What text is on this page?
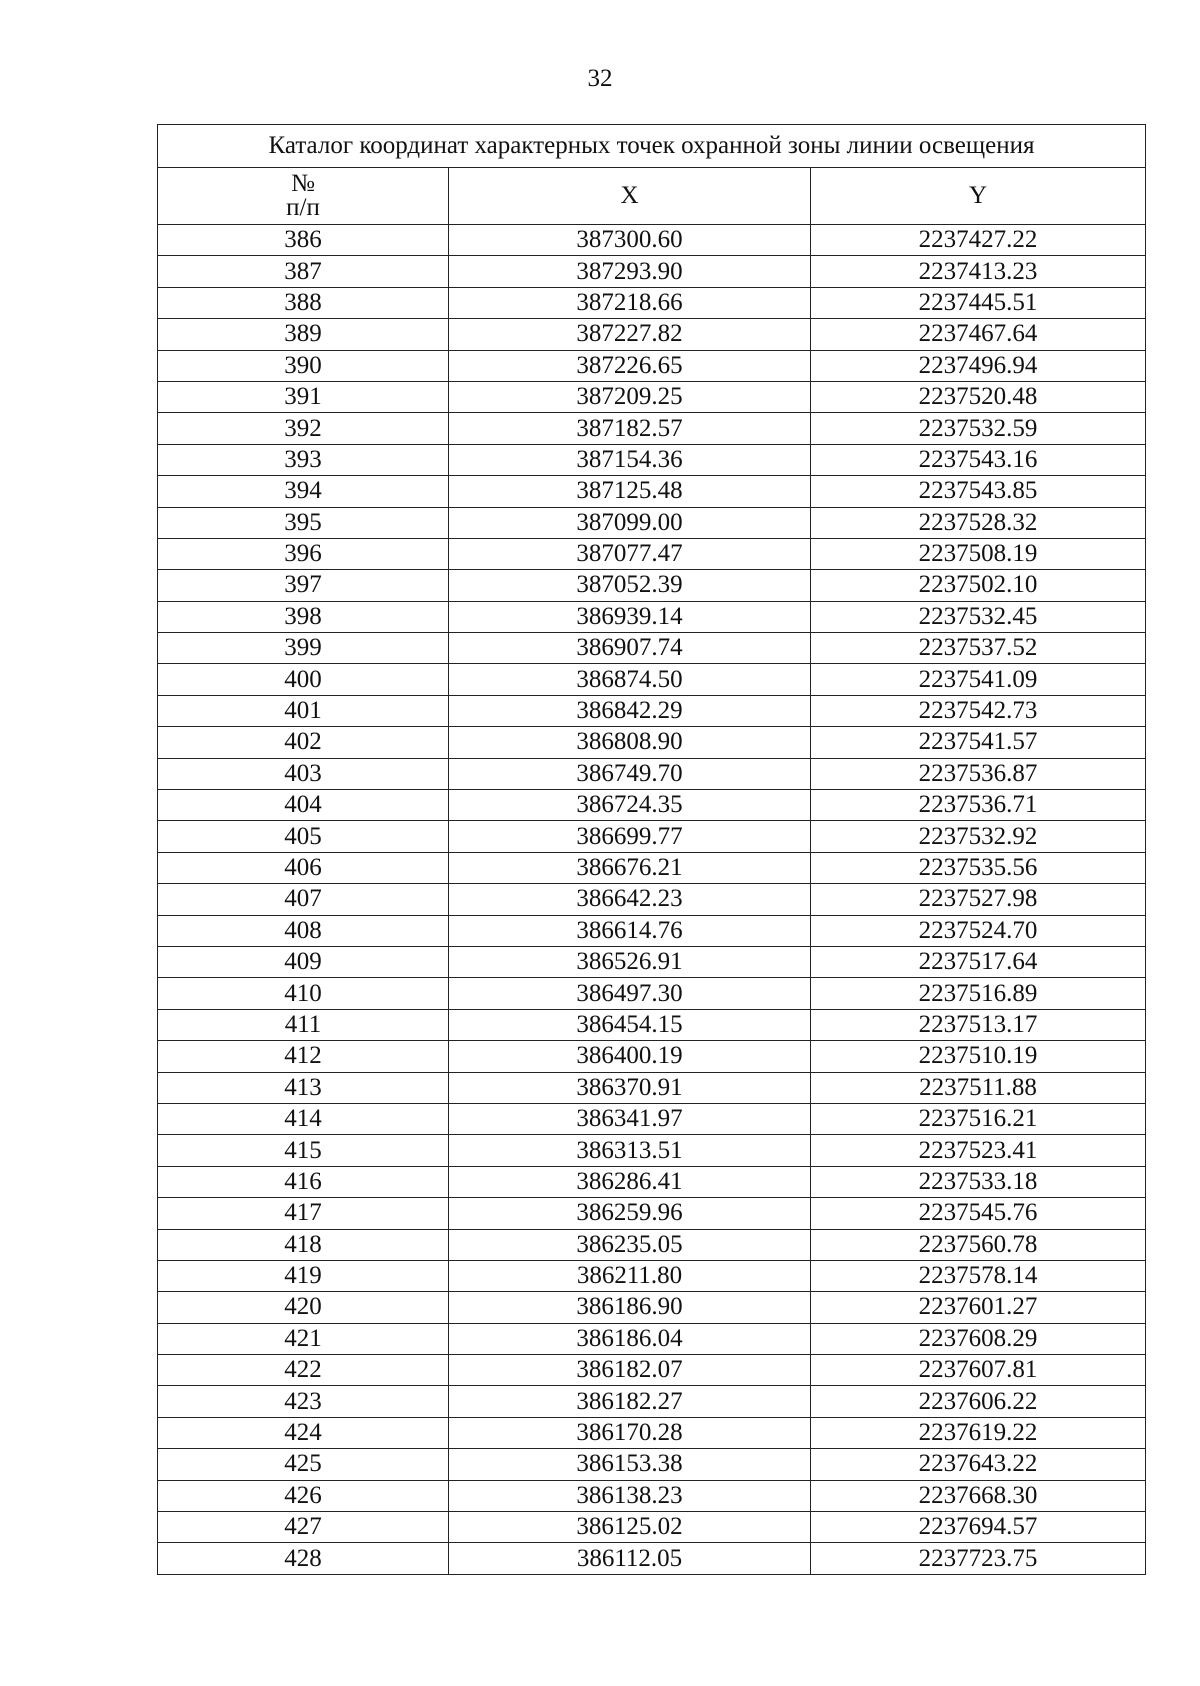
32
Каталог координат характерных точек охранной зоны линии освещения		
№
п/п	X	Y
386	387300.60	2237427.22
387	387293.90	2237413.23
388	387218.66	2237445.51
389	387227.82	2237467.64
390	387226.65	2237496.94
391	387209.25	2237520.48
392	387182.57	2237532.59
393	387154.36	2237543.16
394	387125.48	2237543.85
395	387099.00	2237528.32
396	387077.47	2237508.19
397	387052.39	2237502.10
398	386939.14	2237532.45
399	386907.74	2237537.52
400	386874.50	2237541.09
401	386842.29	2237542.73
402	386808.90	2237541.57
403	386749.70	2237536.87
404	386724.35	2237536.71
405	386699.77	2237532.92
406	386676.21	2237535.56
407	386642.23	2237527.98
408	386614.76	2237524.70
409	386526.91	2237517.64
410	386497.30	2237516.89
411	386454.15	2237513.17
412	386400.19	2237510.19
413	386370.91	2237511.88
414	386341.97	2237516.21
415	386313.51	2237523.41
416	386286.41	2237533.18
417	386259.96	2237545.76
418	386235.05	2237560.78
419	386211.80	2237578.14
420	386186.90	2237601.27
421	386186.04	2237608.29
422	386182.07	2237607.81
423	386182.27	2237606.22
424	386170.28	2237619.22
425	386153.38	2237643.22
426	386138.23	2237668.30
427	386125.02	2237694.57
428	386112.05	2237723.75
